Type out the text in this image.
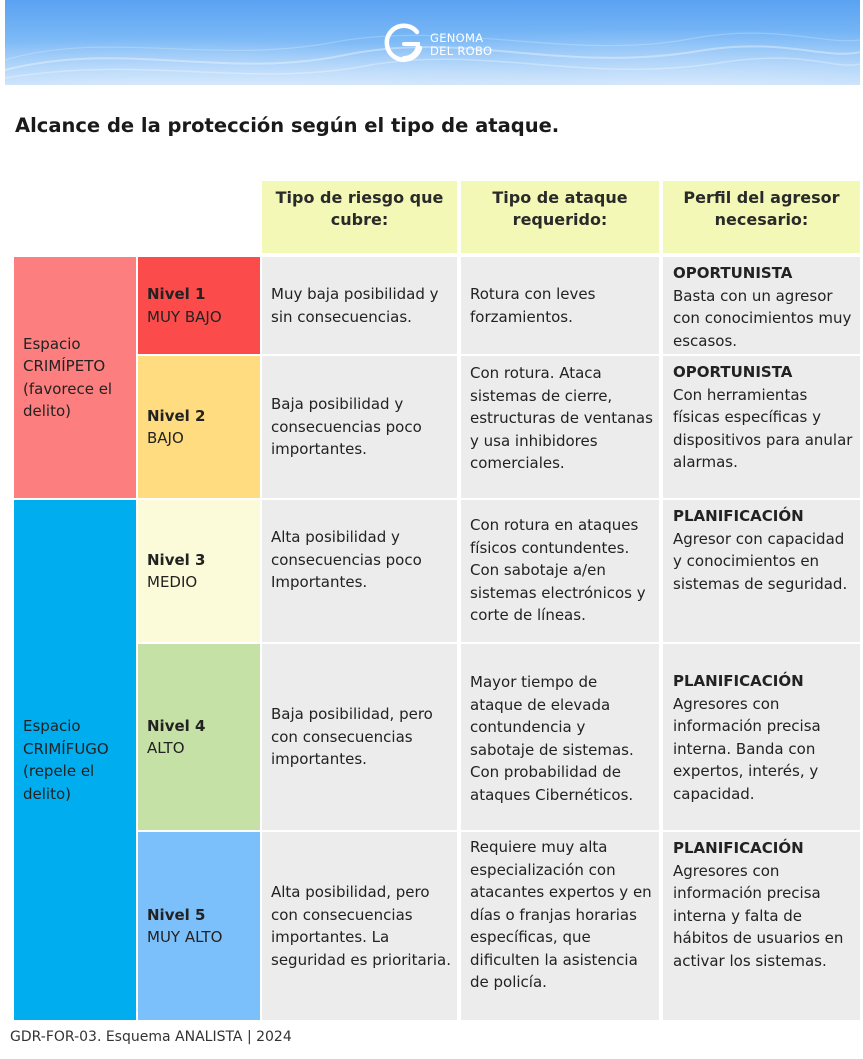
GENOMA
DEL ROBO
Alcance de la protección según el tipo de ataque.
Tipo de riesgo que cubre:
Tipo de ataque requerido:
Perfil del agresor necesario:
Espacio CRIMÍPETO (favorece el delito)
Espacio CRIMÍFUGO (repele el delito)
Nivel 1
MUY BAJO
Muy baja posibilidad y sin consecuencias.
Rotura con leves forzamientos.
OPORTUNISTA
Basta con un agresor con conocimientos muy escasos.
Nivel 2
BAJO
Baja posibilidad y consecuencias poco importantes.
Con rotura. Ataca sistemas de cierre, estructuras de ventanas y usa inhibidores comerciales.
OPORTUNISTA
Con herramientas físicas específicas y dispositivos para anular alarmas.
Nivel 3
MEDIO
Alta posibilidad y consecuencias poco Importantes.
Con rotura en ataques físicos contundentes. Con sabotaje a/en sistemas electrónicos y corte de líneas.
PLANIFICACIÓN
Agresor con capacidad y conocimientos en sistemas de seguridad.
Nivel 4
ALTO
Baja posibilidad, pero con consecuencias importantes.
Mayor tiempo de ataque de elevada contundencia y sabotaje de sistemas. Con probabilidad de ataques Cibernéticos.
PLANIFICACIÓN
Agresores con información precisa interna. Banda con expertos, interés, y capacidad.
Nivel 5
MUY ALTO
Alta posibilidad, pero con consecuencias importantes. La seguridad es prioritaria.
Requiere muy alta especialización con atacantes expertos y en días o franjas horarias específicas, que dificulten la asistencia de policía.
PLANIFICACIÓN
Agresores con información precisa interna y falta de hábitos de usuarios en activar los sistemas.
GDR-FOR-03. Esquema ANALISTA | 2024
